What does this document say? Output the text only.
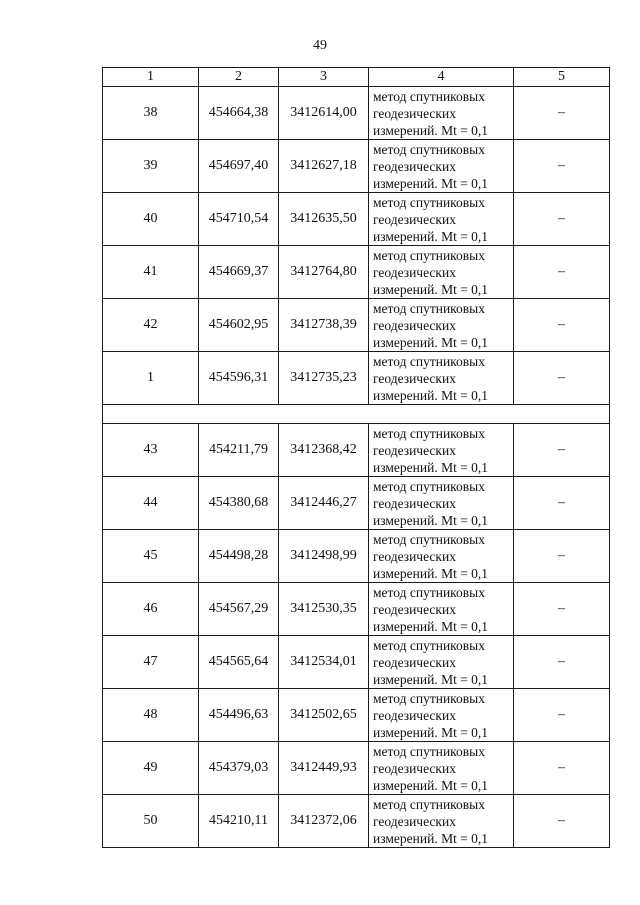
49
1	2	3	4	5
38	454664,38	3412614,00	метод спутниковых
геодезических
измерений. Mt = 0,1	–
39	454697,40	3412627,18	метод спутниковых
геодезических
измерений. Mt = 0,1	–
40	454710,54	3412635,50	метод спутниковых
геодезических
измерений. Mt = 0,1	–
41	454669,37	3412764,80	метод спутниковых
геодезических
измерений. Mt = 0,1	–
42	454602,95	3412738,39	метод спутниковых
геодезических
измерений. Mt = 0,1	–
1	454596,31	3412735,23	метод спутниковых
геодезических
измерений. Mt = 0,1	–

43	454211,79	3412368,42	метод спутниковых
геодезических
измерений. Mt = 0,1	–
44	454380,68	3412446,27	метод спутниковых
геодезических
измерений. Mt = 0,1	–
45	454498,28	3412498,99	метод спутниковых
геодезических
измерений. Mt = 0,1	–
46	454567,29	3412530,35	метод спутниковых
геодезических
измерений. Mt = 0,1	–
47	454565,64	3412534,01	метод спутниковых
геодезических
измерений. Mt = 0,1	–
48	454496,63	3412502,65	метод спутниковых
геодезических
измерений. Mt = 0,1	–
49	454379,03	3412449,93	метод спутниковых
геодезических
измерений. Mt = 0,1	–
50	454210,11	3412372,06	метод спутниковых
геодезических
измерений. Mt = 0,1	–
